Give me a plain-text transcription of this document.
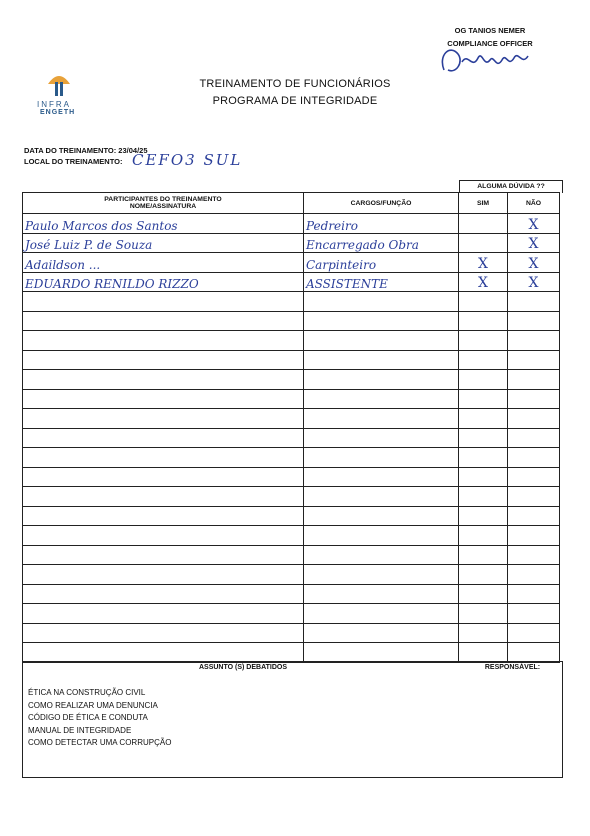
INFRA
ENGETH
TREINAMENTO DE FUNCIONÁRIOS
PROGRAMA DE INTEGRIDADE
DATA DO TREINAMENTO: 23/04/25
LOCAL DO TREINAMENTO: CEFO3 SUL
ALGUMA DÚVIDA ??
PARTICIPANTES DO TREINAMENTO
NOME/ASSINATURA	CARGOS/FUNÇÃO	SIM	NÃO

Paulo Marcos dos Santos	Pedreiro		X

José Luiz P. de Souza	Encarregado Obra		X

Adaildson ...	Carpinteiro	X	X

EDUARDO RENILDO RIZZO	ASSISTENTE	X	X

ASSUNTO (S) DEBATIDOS	RESPONSÁVEL:
ÉTICA NA CONSTRUÇÃO CIVIL
COMO REALIZAR UMA DENUNCIA
CÓDIGO DE ÉTICA E CONDUTA
MANUAL DE INTEGRIDADE
COMO DETECTAR UMA CORRUPÇÃO
OG TANIOS NEMER
COMPLIANCE OFFICER
